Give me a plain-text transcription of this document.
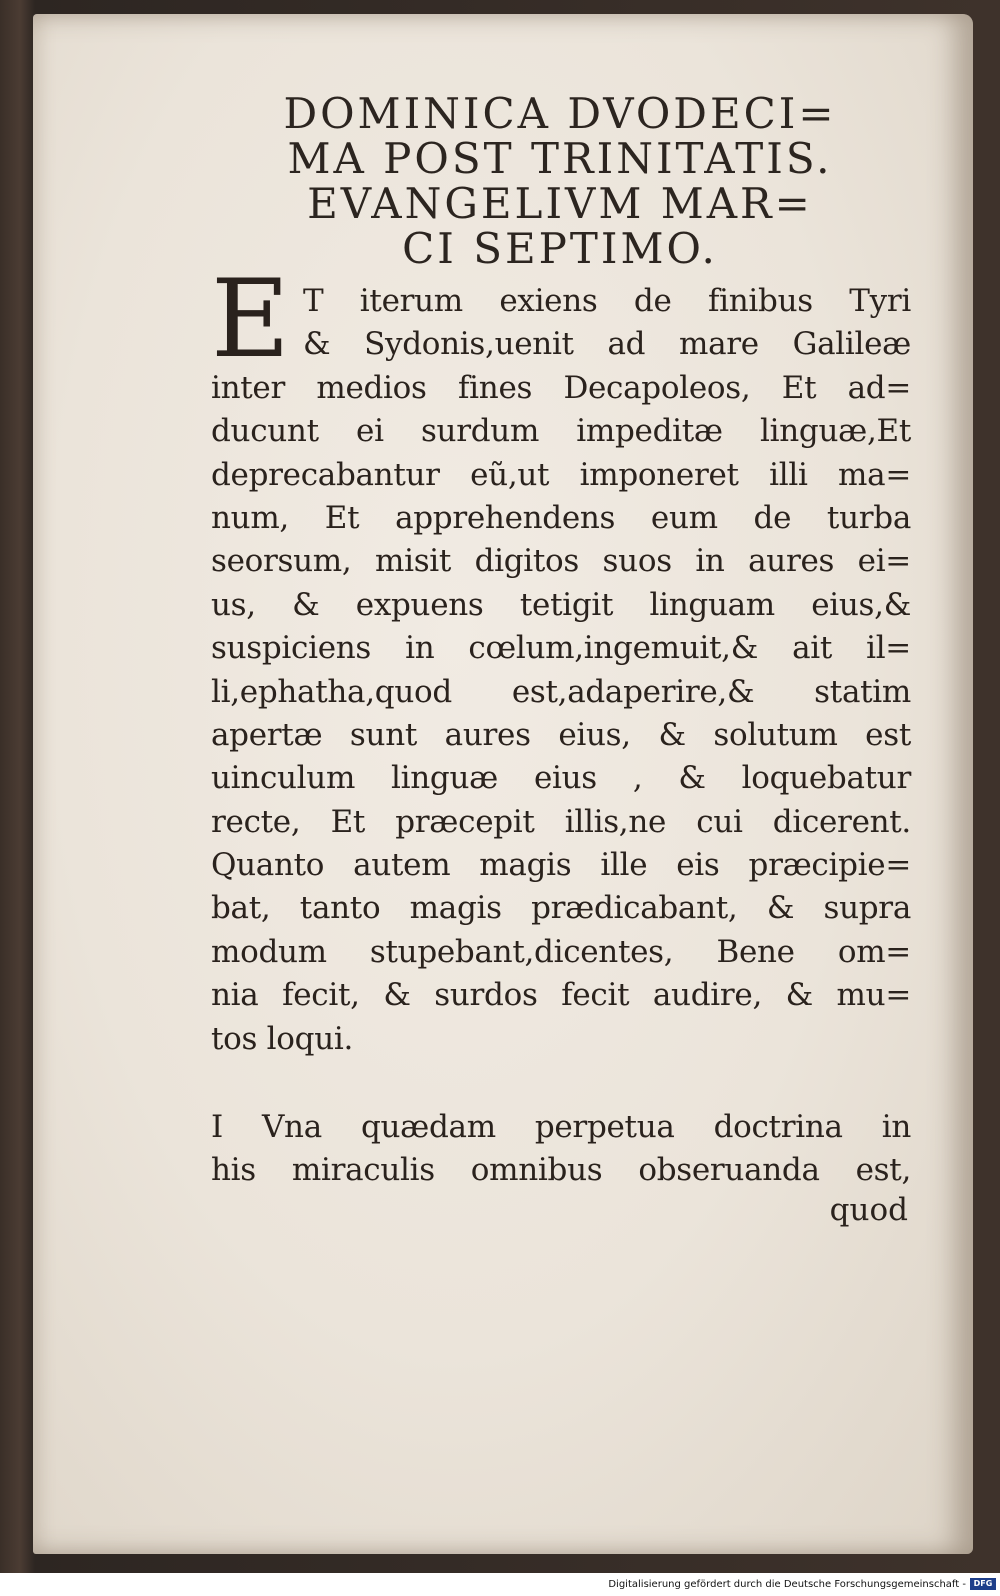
DOMINICA DVODECI=
MA POST TRINITATIS.
EVANGELIVM MAR=
CI SEPTIMO.
E T iterum exiens de finibus Tyri
& Sydonis,uenit ad mare Galileæ
inter medios fines Decapoleos, Et ad=
ducunt ei surdum impeditæ linguæ,Et
deprecabantur eũ,ut imponeret illi ma=
num, Et apprehendens eum de turba
seorsum, misit digitos suos in aures ei=
us, & expuens tetigit linguam eius,&
suspiciens in cœlum,ingemuit,& ait il=
li,ephatha,quod est,adaperire,& statim
apertæ sunt aures eius, & solutum est
uinculum linguæ eius , & loquebatur
recte, Et præcepit illis,ne cui dicerent.
Quanto autem magis ille eis præcipie=
bat, tanto magis prædicabant, & supra
modum stupebant,dicentes, Bene om=
nia fecit, & surdos fecit audire, & mu=
tos loqui.
I Vna quædam perpetua doctrina in
his miraculis omnibus obseruanda est,
quod
Digitalisierung gefördert durch die Deutsche Forschungsgemeinschaft - DFG
